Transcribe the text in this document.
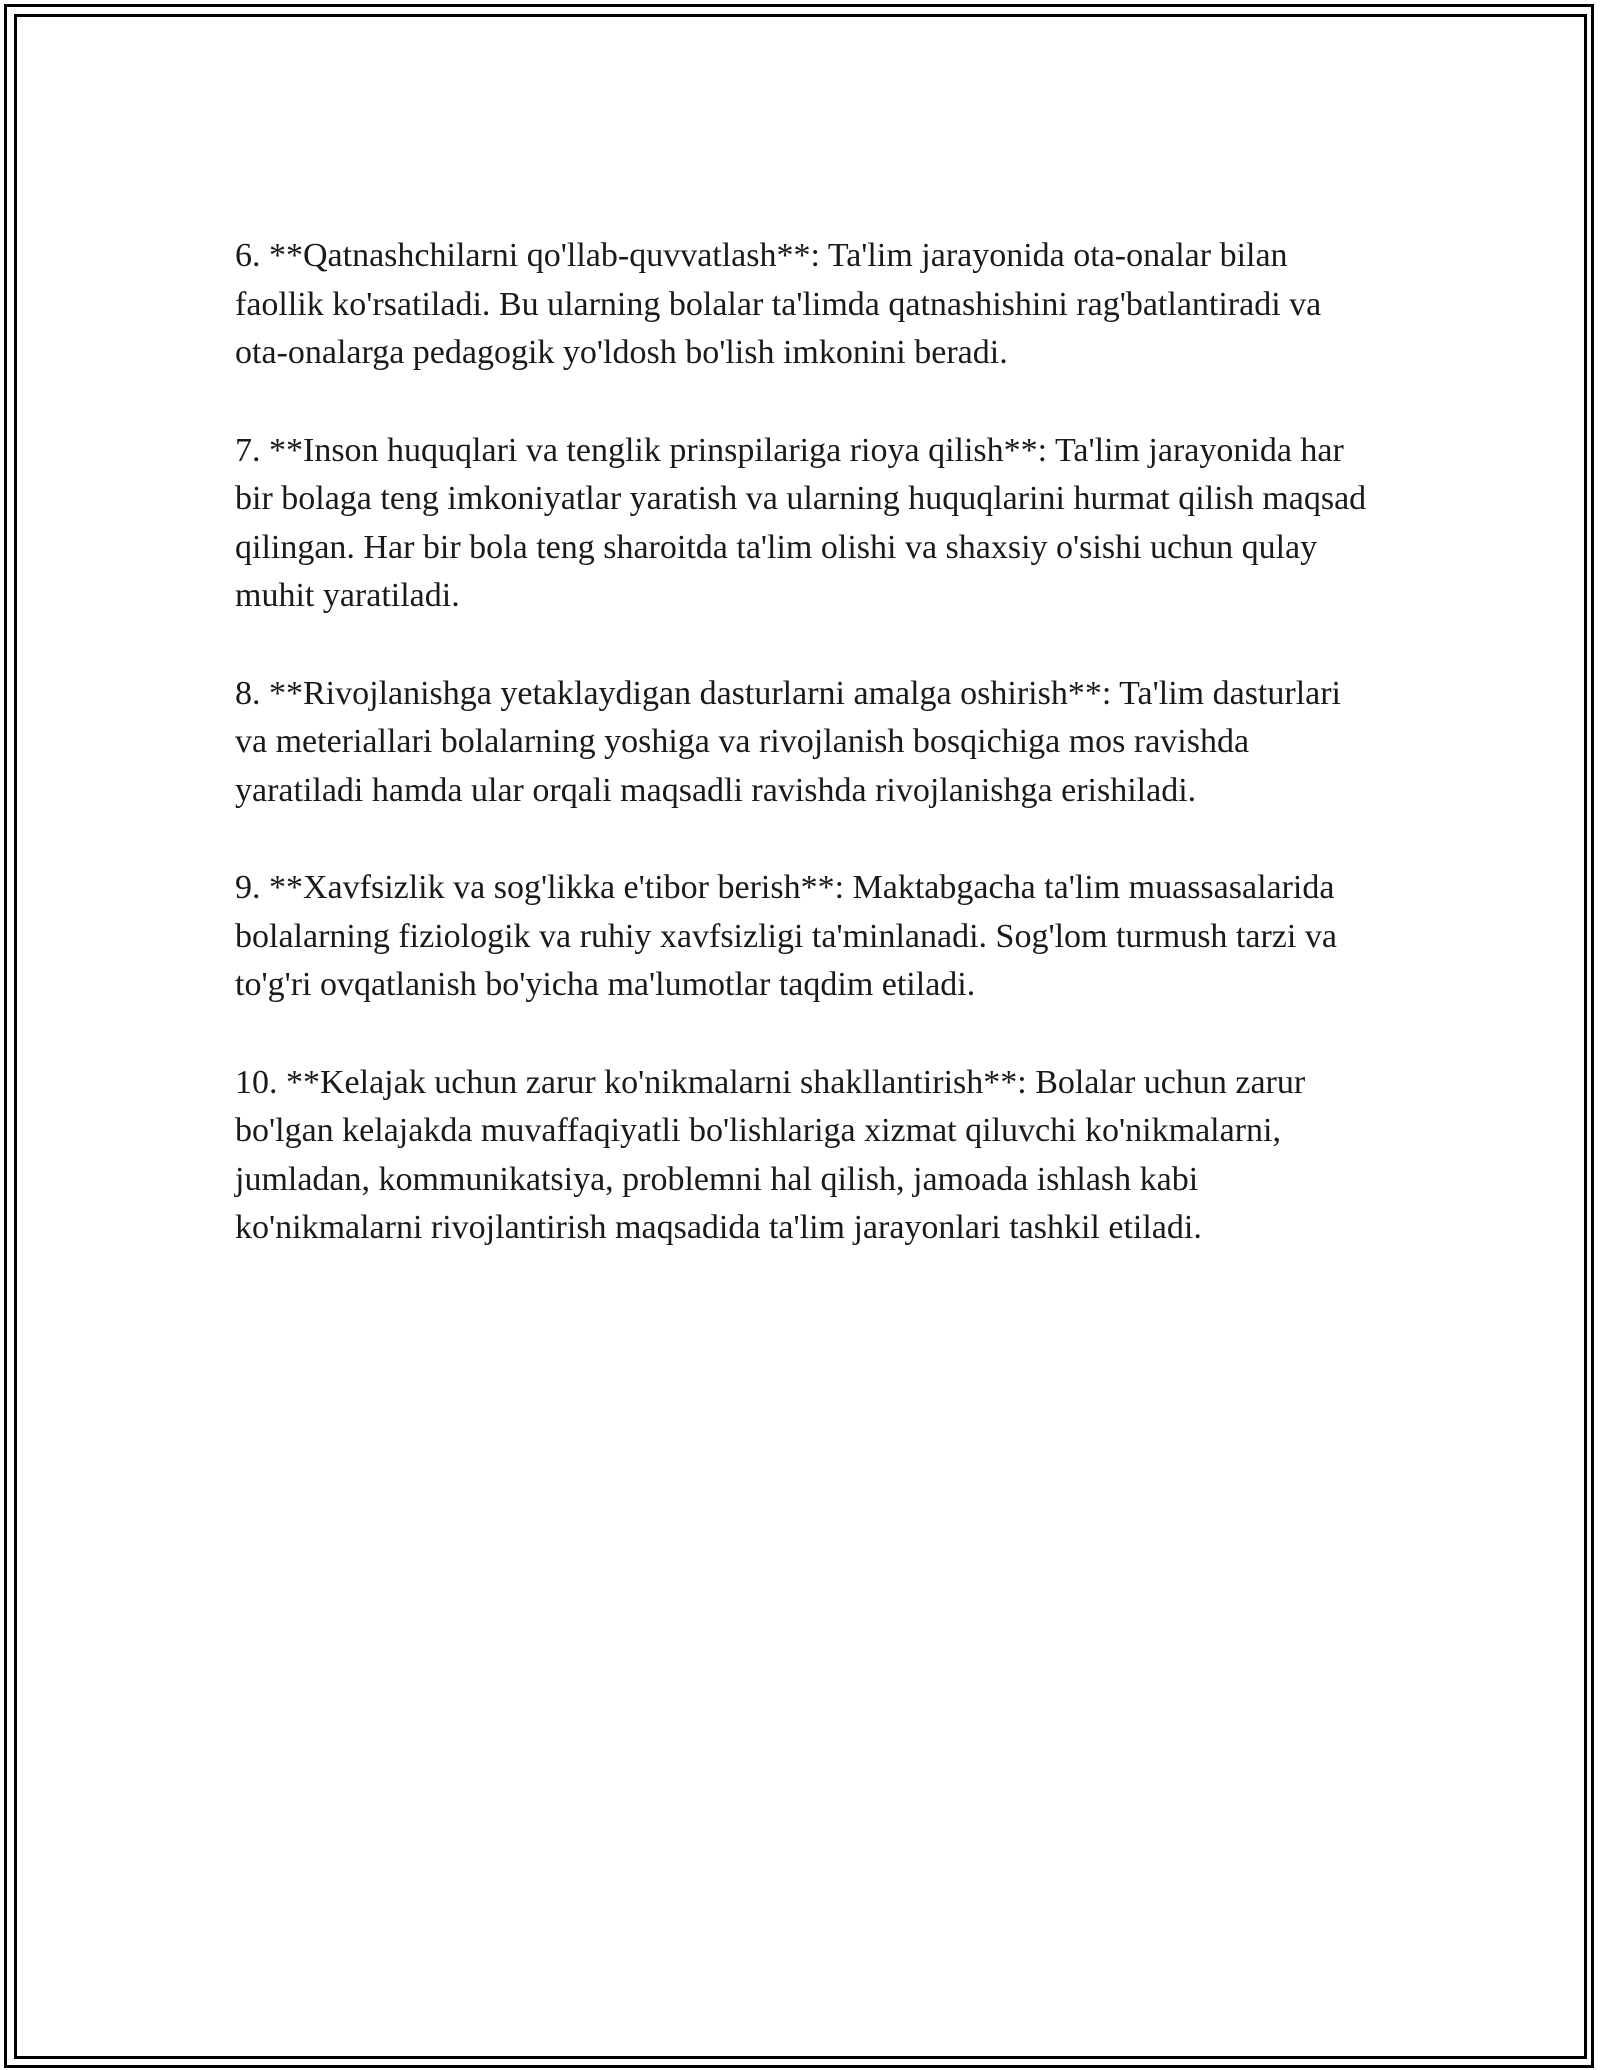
6. **Qatnashchilarni qo'llab-quvvatlash**: Ta'lim jarayonida ota-onalar bilan faollik ko'rsatiladi. Bu ularning bolalar ta'limda qatnashishini rag'batlantiradi va ota-onalarga pedagogik yo'ldosh bo'lish imkonini beradi.

7. **Inson huquqlari va tenglik prinspilariga rioya qilish**: Ta'lim jarayonida har bir bolaga teng imkoniyatlar yaratish va ularning huquqlarini hurmat qilish maqsad qilingan. Har bir bola teng sharoitda ta'lim olishi va shaxsiy o'sishi uchun qulay muhit yaratiladi.

8. **Rivojlanishga yetaklaydigan dasturlarni amalga oshirish**: Ta'lim dasturlari va meteriallari bolalarning yoshiga va rivojlanish bosqichiga mos ravishda yaratiladi hamda ular orqali maqsadli ravishda rivojlanishga erishiladi.

9. **Xavfsizlik va sog'likka e'tibor berish**: Maktabgacha ta'lim muassasalarida bolalarning fiziologik va ruhiy xavfsizligi ta'minlanadi. Sog'lom turmush tarzi va to'g'ri ovqatlanish bo'yicha ma'lumotlar taqdim etiladi.

10. **Kelajak uchun zarur ko'nikmalarni shakllantirish**: Bolalar uchun zarur bo'lgan kelajakda muvaffaqiyatli bo'lishlariga xizmat qiluvchi ko'nikmalarni, jumladan, kommunikatsiya, problemni hal qilish, jamoada ishlash kabi ko'nikmalarni rivojlantirish maqsadida ta'lim jarayonlari tashkil etiladi.
